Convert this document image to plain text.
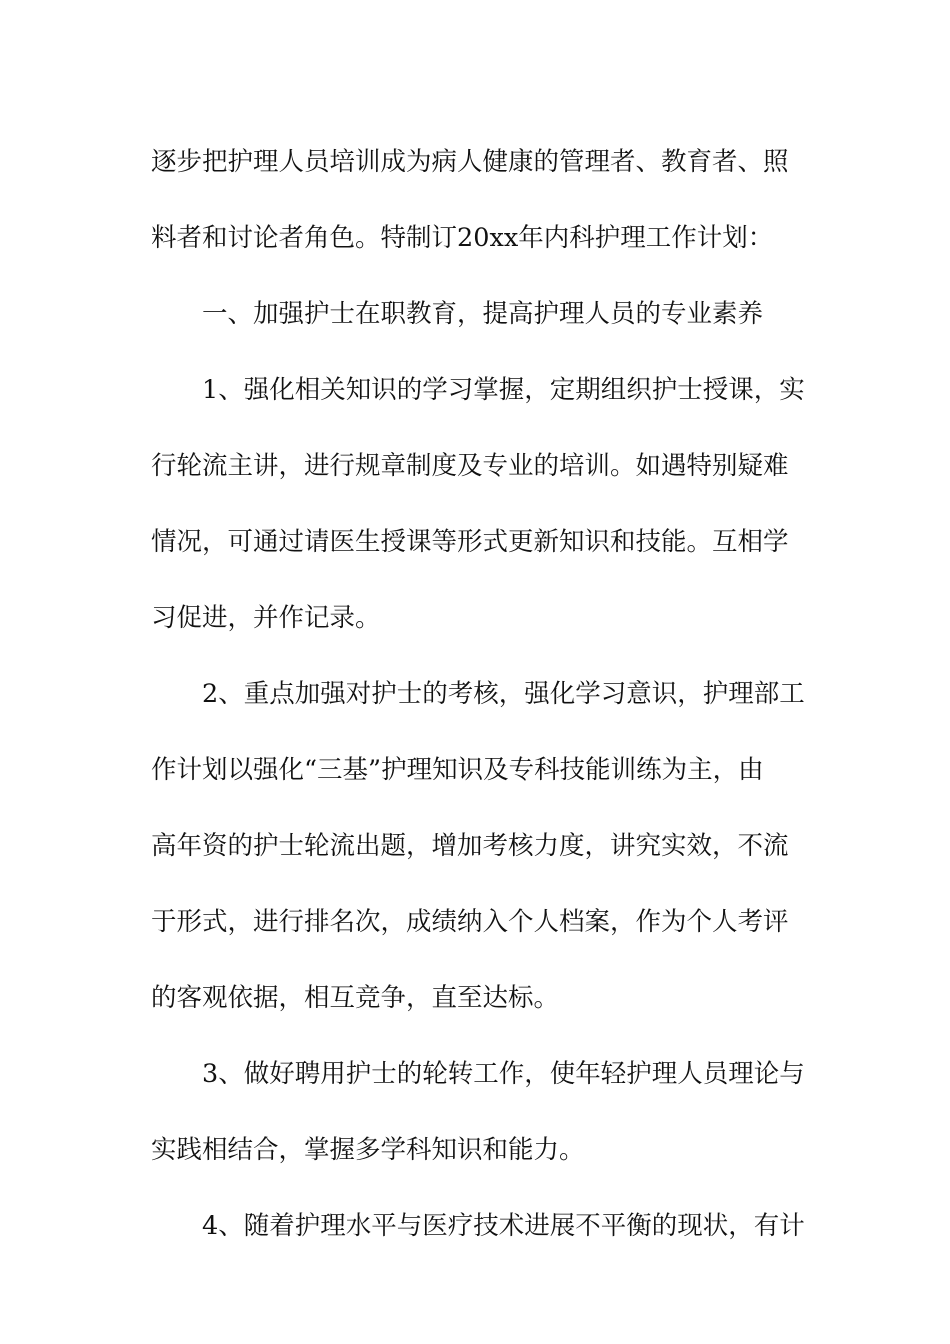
逐步把护理人员培训成为病人健康的管理者、教育者、照
料者和讨论者角色。特制订20xx年内科护理工作计划：
一、加强护士在职教育，提高护理人员的专业素养
1、强化相关知识的学习掌握，定期组织护士授课，实
行轮流主讲，进行规章制度及专业的培训。如遇特别疑难
情况，可通过请医生授课等形式更新知识和技能。互相学
习促进，并作记录。
2、重点加强对护士的考核，强化学习意识，护理部工
作计划以强化“三基”护理知识及专科技能训练为主，由
高年资的护士轮流出题，增加考核力度，讲究实效，不流
于形式，进行排名次，成绩纳入个人档案，作为个人考评
的客观依据，相互竞争，直至达标。
3、做好聘用护士的轮转工作，使年轻护理人员理论与
实践相结合，掌握多学科知识和能力。
4、随着护理水平与医疗技术进展不平衡的现状，有计
